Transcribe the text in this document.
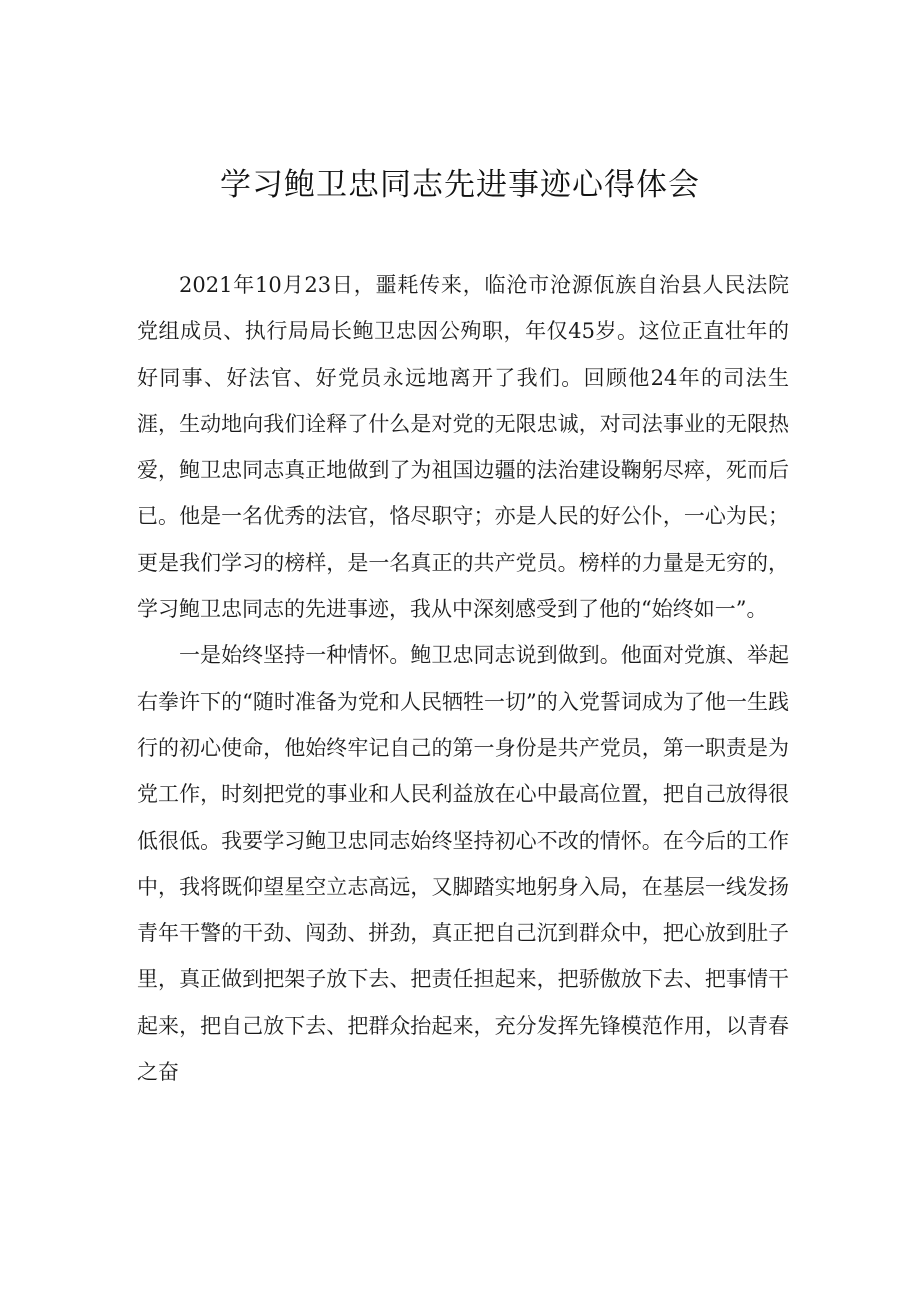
学习鲍卫忠同志先进事迹心得体会

2021年10月23日，噩耗传来，临沧市沧源佤族自治县人民法院党组成员、执行局局长鲍卫忠因公殉职，年仅45岁。这位正直壮年的好同事、好法官、好党员永远地离开了我们。回顾他24年的司法生涯，生动地向我们诠释了什么是对党的无限忠诚，对司法事业的无限热爱，鲍卫忠同志真正地做到了为祖国边疆的法治建设鞠躬尽瘁，死而后已。他是一名优秀的法官，恪尽职守；亦是人民的好公仆，一心为民；更是我们学习的榜样，是一名真正的共产党员。榜样的力量是无穷的，学习鲍卫忠同志的先进事迹，我从中深刻感受到了他的“始终如一”。

一是始终坚持一种情怀。鲍卫忠同志说到做到。他面对党旗、举起右拳许下的“随时准备为党和人民牺牲一切”的入党誓词成为了他一生践行的初心使命，他始终牢记自己的第一身份是共产党员，第一职责是为党工作，时刻把党的事业和人民利益放在心中最高位置，把自己放得很低很低。我要学习鲍卫忠同志始终坚持初心不改的情怀。在今后的工作中，我将既仰望星空立志高远，又脚踏实地躬身入局，在基层一线发扬青年干警的干劲、闯劲、拼劲，真正把自己沉到群众中，把心放到肚子里，真正做到把架子放下去、把责任担起来，把骄傲放下去、把事情干起来，把自己放下去、把群众抬起来，充分发挥先锋模范作用，以青春之奋
